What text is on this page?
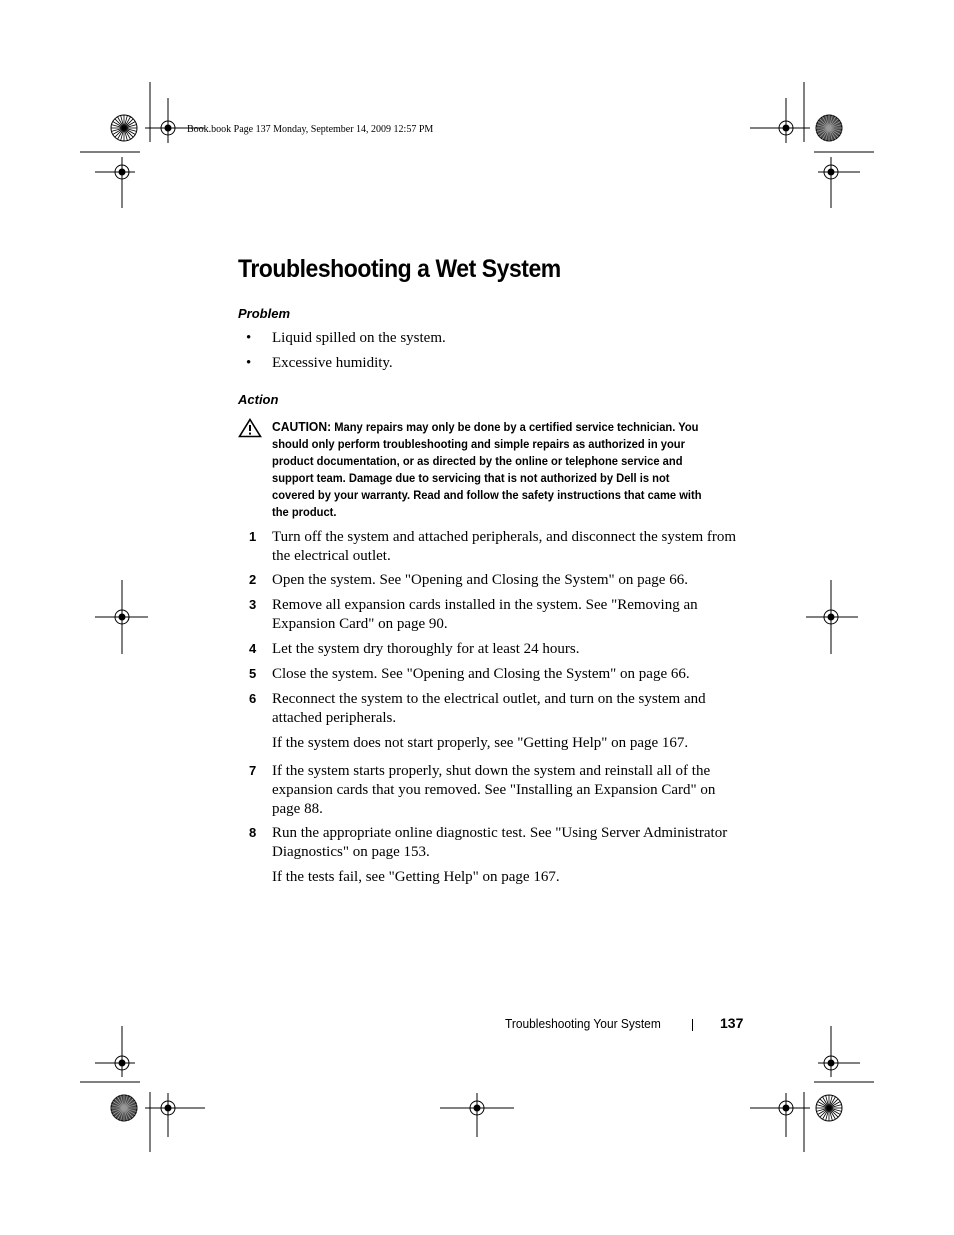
Book.book Page 137 Monday, September 14, 2009 12:57 PM
Troubleshooting a Wet System
Problem
• Liquid spilled on the system.
• Excessive humidity.
Action
CAUTION: Many repairs may only be done by a certified service technician. You should only perform troubleshooting and simple repairs as authorized in your product documentation, or as directed by the online or telephone service and support team. Damage due to servicing that is not authorized by Dell is not covered by your warranty. Read and follow the safety instructions that came with the product.
1 Turn off the system and attached peripherals, and disconnect the system from the electrical outlet.
2 Open the system. See "Opening and Closing the System" on page 66.
3 Remove all expansion cards installed in the system. See "Removing an Expansion Card" on page 90.
4 Let the system dry thoroughly for at least 24 hours.
5 Close the system. See "Opening and Closing the System" on page 66.
6 Reconnect the system to the electrical outlet, and turn on the system and attached peripherals.
If the system does not start properly, see "Getting Help" on page 167.
7 If the system starts properly, shut down the system and reinstall all of the expansion cards that you removed. See "Installing an Expansion Card" on page 88.
8 Run the appropriate online diagnostic test. See "Using Server Administrator Diagnostics" on page 153.
If the tests fail, see "Getting Help" on page 167.
Troubleshooting Your System	137
